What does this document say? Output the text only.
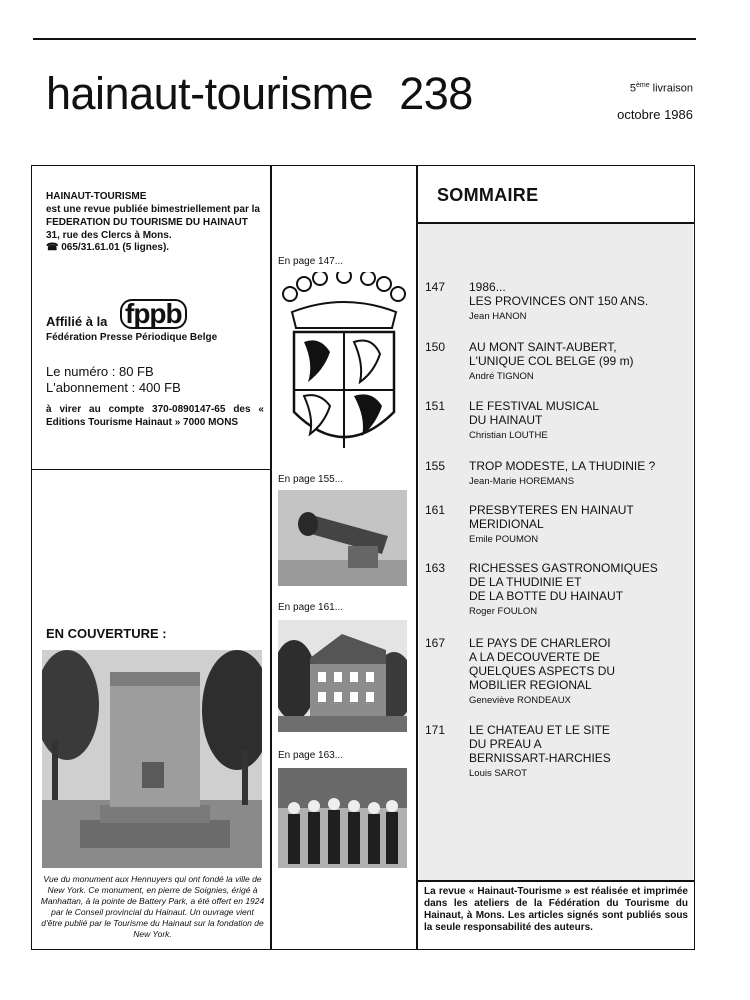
hainaut-tourisme 238	5ème livraison
octobre 1986
HAINAUT-TOURISME
est une revue publiée bimestriellement par la
FEDERATION DU TOURISME DU HAINAUT
31, rue des Clercs à Mons.
☎ 065/31.61.01 (5 lignes).
Affilié à la fppb
Fédération Presse Périodique Belge
Le numéro : 80 FB
L'abonnement : 400 FB
à virer au compte 370-0890147-65 des « Editions Tourisme Hainaut » 7000 MONS
EN COUVERTURE :
Vue du monument aux Hennuyers qui ont fondé la ville de New York. Ce monument, en pierre de Soignies, érigé à Manhattan, à la pointe de Battery Park, a été offert en 1924 par le Conseil provincial du Hainaut. Un ouvrage vient d'être publié par le Tourisme du Hainaut sur la fondation de New York.
En page 147...
En page 155...
En page 161...
En page 163...
SOMMAIRE
147 1986...
LES PROVINCES ONT 150 ANS.
Jean HANON
150 AU MONT SAINT-AUBERT,
L'UNIQUE COL BELGE (99 m)
André TIGNON
151 LE FESTIVAL MUSICAL
DU HAINAUT
Christian LOUTHE
155 TROP MODESTE, LA THUDINIE ?
Jean-Marie HOREMANS
161 PRESBYTERES EN HAINAUT
MERIDIONAL
Emile POUMON
163 RICHESSES GASTRONOMIQUES
DE LA THUDINIE ET
DE LA BOTTE DU HAINAUT
Roger FOULON
167 LE PAYS DE CHARLEROI
A LA DECOUVERTE DE
QUELQUES ASPECTS DU
MOBILIER REGIONAL
Geneviève RONDEAUX
171 LE CHATEAU ET LE SITE
DU PREAU A
BERNISSART-HARCHIES
Louis SAROT
La revue « Hainaut-Tourisme » est réalisée et imprimée dans les ateliers de la Fédération du Tourisme du Hainaut, à Mons. Les articles signés sont publiés sous la seule responsabilité des auteurs.
